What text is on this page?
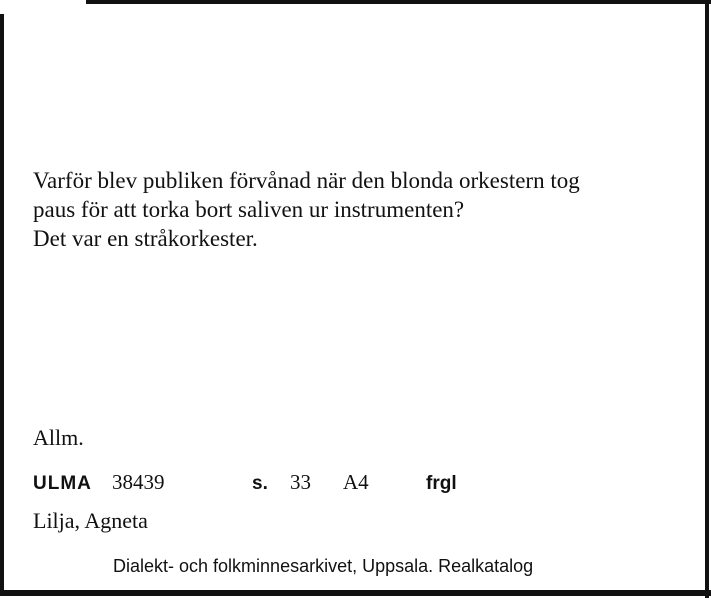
Varför blev publiken förvånad när den blonda orkestern tog
paus för att torka bort saliven ur instrumenten?
Det var en stråkorkester.
Allm.
ULMA 38439	s. 33 A4	frgl
Lilja, Agneta
Dialekt- och folkminnesarkivet, Uppsala. Realkatalog
